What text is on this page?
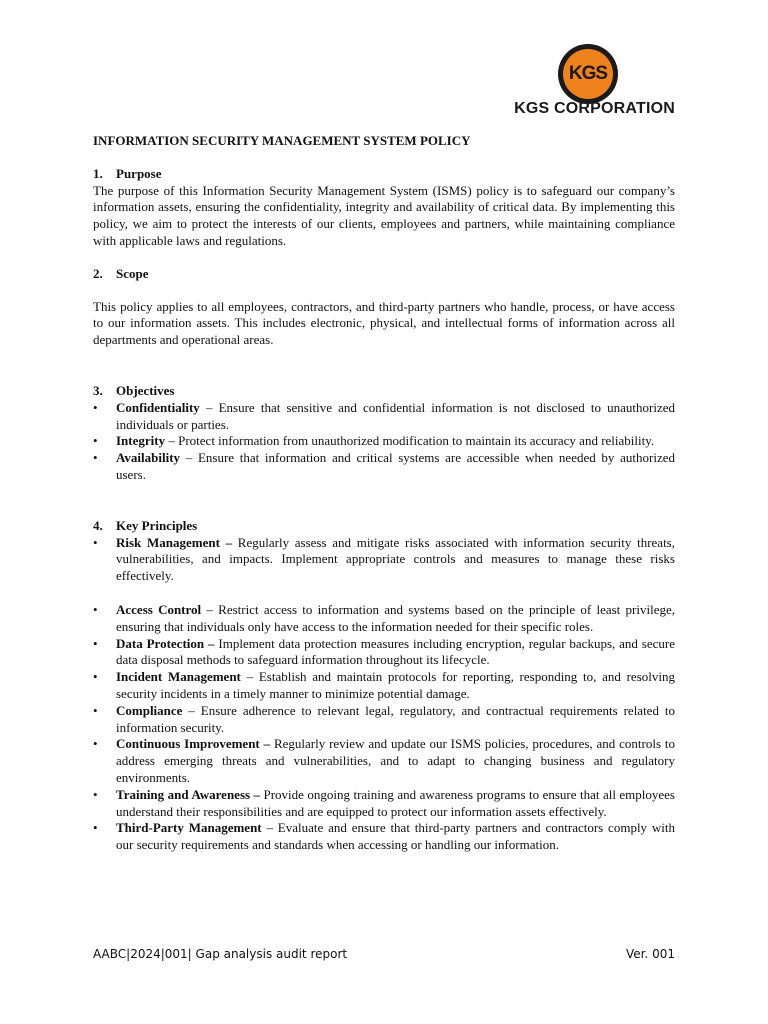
KGS
KGS CORPORATION
INFORMATION SECURITY MANAGEMENT SYSTEM POLICY
1. Purpose

The purpose of this Information Security Management System (ISMS) policy is to safeguard our company’s information assets, ensuring the confidentiality, integrity and availability of critical data. By implementing this policy, we aim to protect the interests of our clients, employees and partners, while maintaining compliance with applicable laws and regulations.

2. Scope

This policy applies to all employees, contractors, and third-party partners who handle, process, or have access to our information assets. This includes electronic, physical, and intellectual forms of information across all departments and operational areas.

3. Objectives
• Confidentiality – Ensure that sensitive and confidential information is not disclosed to unauthorized individuals or parties.
• Integrity – Protect information from unauthorized modification to maintain its accuracy and reliability.
• Availability – Ensure that information and critical systems are accessible when needed by authorized users.
4. Key Principles
• Risk Management – Regularly assess and mitigate risks associated with information security threats, vulnerabilities, and impacts. Implement appropriate controls and measures to manage these risks effectively.
• Access Control – Restrict access to information and systems based on the principle of least privilege, ensuring that individuals only have access to the information needed for their specific roles.
• Data Protection – Implement data protection measures including encryption, regular backups, and secure data disposal methods to safeguard information throughout its lifecycle.
• Incident Management – Establish and maintain protocols for reporting, responding to, and resolving security incidents in a timely manner to minimize potential damage.
• Compliance – Ensure adherence to relevant legal, regulatory, and contractual requirements related to information security.
• Continuous Improvement – Regularly review and update our ISMS policies, procedures, and controls to address emerging threats and vulnerabilities, and to adapt to changing business and regulatory environments.
• Training and Awareness – Provide ongoing training and awareness programs to ensure that all employees understand their responsibilities and are equipped to protect our information assets effectively.
• Third-Party Management – Evaluate and ensure that third-party partners and contractors comply with our security requirements and standards when accessing or handling our information.
AABC|2024|001| Gap analysis audit report	Ver. 001
